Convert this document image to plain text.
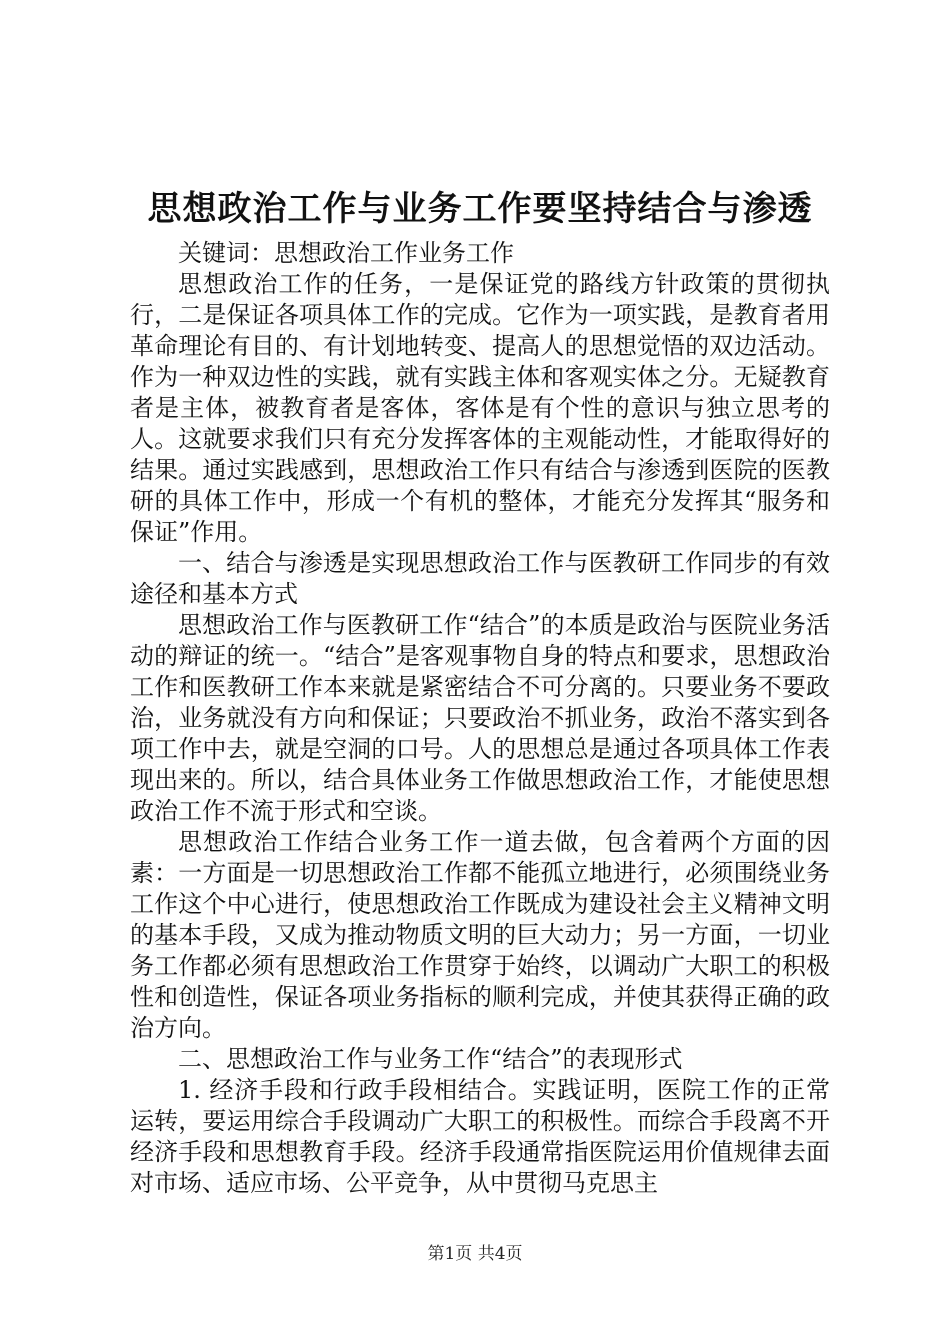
思想政治工作与业务工作要坚持结合与渗透

关键词：思想政治工作业务工作

思想政治工作的任务，一是保证党的路线方针政策的贯彻执行，二是保证各项具体工作的完成。它作为一项实践，是教育者用革命理论有目的、有计划地转变、提高人的思想觉悟的双边活动。作为一种双边性的实践，就有实践主体和客观实体之分。无疑教育者是主体，被教育者是客体，客体是有个性的意识与独立思考的人。这就要求我们只有充分发挥客体的主观能动性，才能取得好的结果。通过实践感到，思想政治工作只有结合与渗透到医院的医教研的具体工作中，形成一个有机的整体，才能充分发挥其“服务和保证”作用。

一、结合与渗透是实现思想政治工作与医教研工作同步的有效途径和基本方式

思想政治工作与医教研工作“结合”的本质是政治与医院业务活动的辩证的统一。“结合”是客观事物自身的特点和要求，思想政治工作和医教研工作本来就是紧密结合不可分离的。只要业务不要政治，业务就没有方向和保证；只要政治不抓业务，政治不落实到各项工作中去，就是空洞的口号。人的思想总是通过各项具体工作表现出来的。所以，结合具体业务工作做思想政治工作，才能使思想政治工作不流于形式和空谈。

思想政治工作结合业务工作一道去做，包含着两个方面的因素：一方面是一切思想政治工作都不能孤立地进行，必须围绕业务工作这个中心进行，使思想政治工作既成为建设社会主义精神文明的基本手段，又成为推动物质文明的巨大动力；另一方面，一切业务工作都必须有思想政治工作贯穿于始终，以调动广大职工的积极性和创造性，保证各项业务指标的顺利完成，并使其获得正确的政治方向。

二、思想政治工作与业务工作“结合”的表现形式

1. 经济手段和行政手段相结合。实践证明，医院工作的正常运转，要运用综合手段调动广大职工的积极性。而综合手段离不开经济手段和思想教育手段。经济手段通常指医院运用价值规律去面对市场、适应市场、公平竞争，从中贯彻马克思主

第1页 共4页
